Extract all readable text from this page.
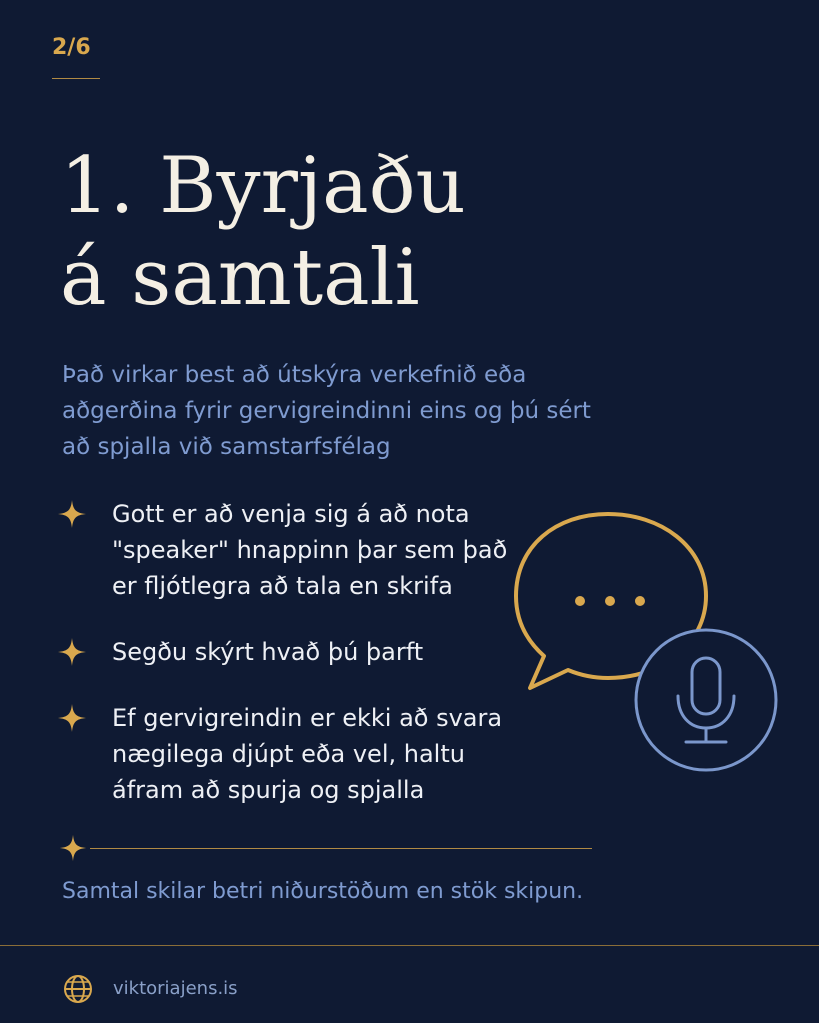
2/6
1. Byrjaðu
á samtali

Það virkar best að útskýra verkefnið eða aðgerðina fyrir gervigreindinni eins og þú sért að spjalla við samstarfsfélag

Gott er að venja sig á að nota "speaker" hnappinn þar sem það er fljótlegra að tala en skrifa
Segðu skýrt hvað þú þarft
Ef gervigreindin er ekki að svara nægilega djúpt eða vel, haltu áfram að spurja og spjalla
Samtal skilar betri niðurstöðum en stök skipun.
viktoriajens.is
